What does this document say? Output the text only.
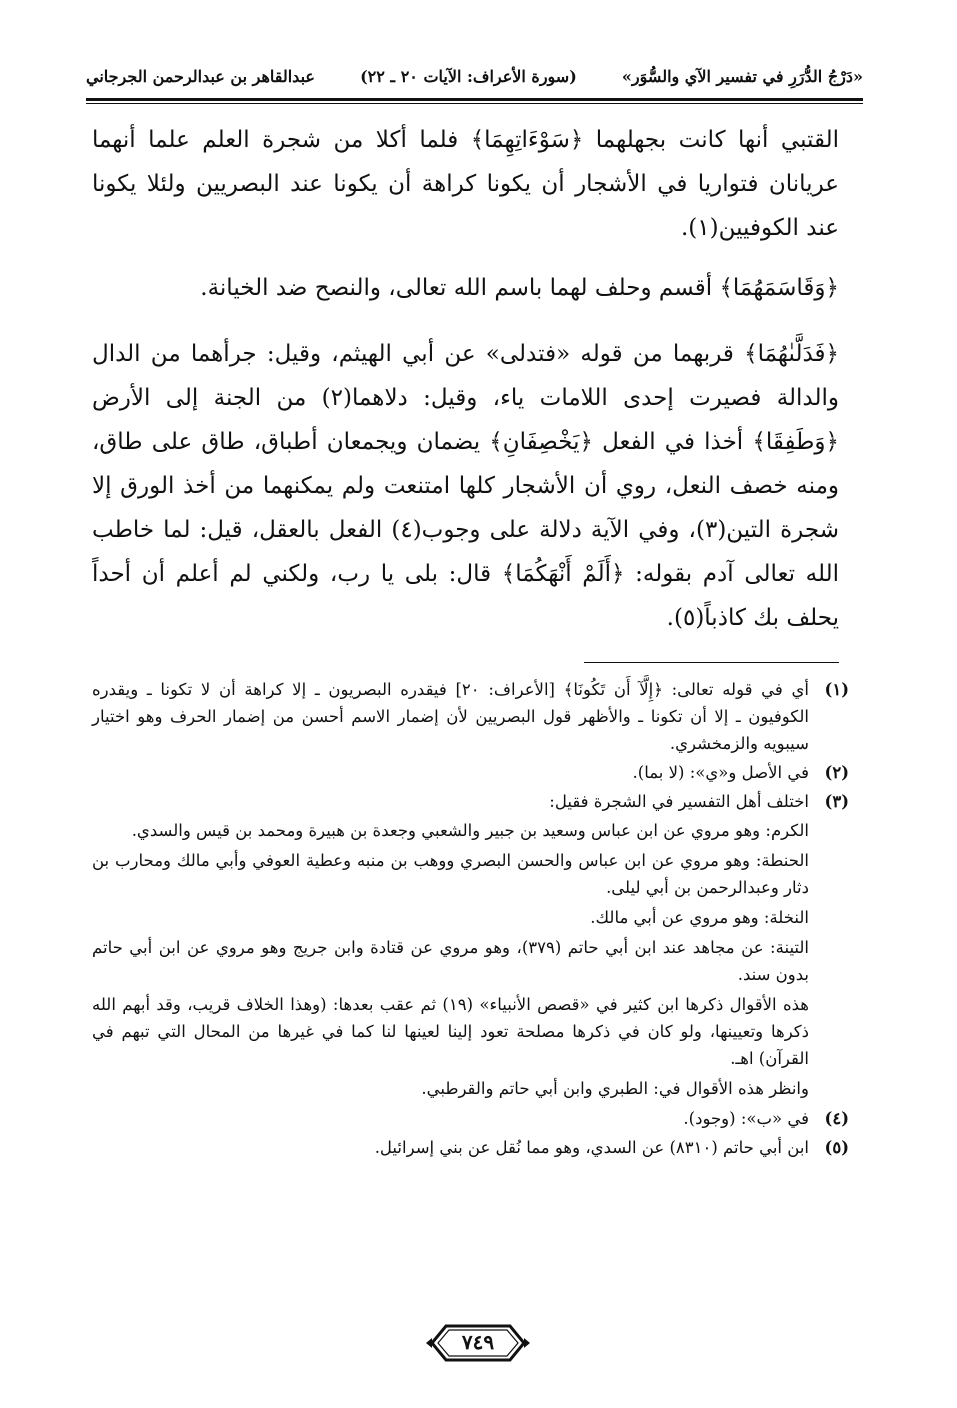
«دَرْجُ الدُّرَرِ في تفسير الآي والسُّوَر»
(سورة الأعراف: الآيات ٢٠ ـ ٢٢)
عبدالقاهر بن عبدالرحمن الجرجاني

القتبي أنها كانت بجهلهما ﴿سَوْءَاتِهِمَا﴾ فلما أكلا من شجرة العلم علما أنهما عريانان فتواريا في الأشجار أن يكونا كراهة أن يكونا عند البصريين ولئلا يكونا عند الكوفيين(١).

﴿وَقَاسَمَهُمَا﴾ أقسم وحلف لهما باسم الله تعالى، والنصح ضد الخيانة.

﴿فَدَلَّىٰهُمَا﴾ قربهما من قوله «فتدلى» عن أبي الهيثم، وقيل: جرأهما من الدال والدالة فصيرت إحدى اللامات ياء، وقيل: دلاهما(٢) من الجنة إلى الأرض ﴿وَطَفِقَا﴾ أخذا في الفعل ﴿يَخْصِفَانِ﴾ يضمان ويجمعان أطباق، طاق على طاق، ومنه خصف النعل، روي أن الأشجار كلها امتنعت ولم يمكنهما من أخذ الورق إلا شجرة التين(٣)، وفي الآية دلالة على وجوب(٤) الفعل بالعقل، قيل: لما خاطب الله تعالى آدم بقوله: ﴿أَلَمْ أَنْهَكُمَا﴾ قال: بلى يا رب، ولكني لم أعلم أن أحداً يحلف بك كاذباً(٥).

(١)
أي في قوله تعالى: ﴿إِلَّآ أَن تَكُونَا﴾ [الأعراف: ٢٠] فيقدره البصريون ـ إلا كراهة أن لا تكونا ـ ويقدره الكوفيون ـ إلا أن تكونا ـ والأظهر قول البصريين لأن إضمار الاسم أحسن من إضمار الحرف وهو اختيار سيبويه والزمخشري.
(٢)
في الأصل و«ي»: (لا بما).
(٣)
اختلف أهل التفسير في الشجرة فقيل:
الكرم: وهو مروي عن ابن عباس وسعيد بن جبير والشعبي وجعدة بن هبيرة ومحمد بن قيس والسدي.
الحنطة: وهو مروي عن ابن عباس والحسن البصري ووهب بن منبه وعطية العوفي وأبي مالك ومحارب بن دثار وعبدالرحمن بن أبي ليلى.
النخلة: وهو مروي عن أبي مالك.
التينة: عن مجاهد عند ابن أبي حاتم (٣٧٩)، وهو مروي عن قتادة وابن جريج وهو مروي عن ابن أبي حاتم بدون سند.
هذه الأقوال ذكرها ابن كثير في «قصص الأنبياء» (١٩) ثم عقب بعدها: (وهذا الخلاف قريب، وقد أبهم الله ذكرها وتعيينها، ولو كان في ذكرها مصلحة تعود إلينا لعينها لنا كما في غيرها من المحال التي تبهم في القرآن) اهـ.
وانظر هذه الأقوال في: الطبري وابن أبي حاتم والقرطبي.
(٤)
في «ب»: (وجود).
(٥)
ابن أبي حاتم (٨٣١٠) عن السدي، وهو مما نُقل عن بني إسرائيل.
٧٤٩
